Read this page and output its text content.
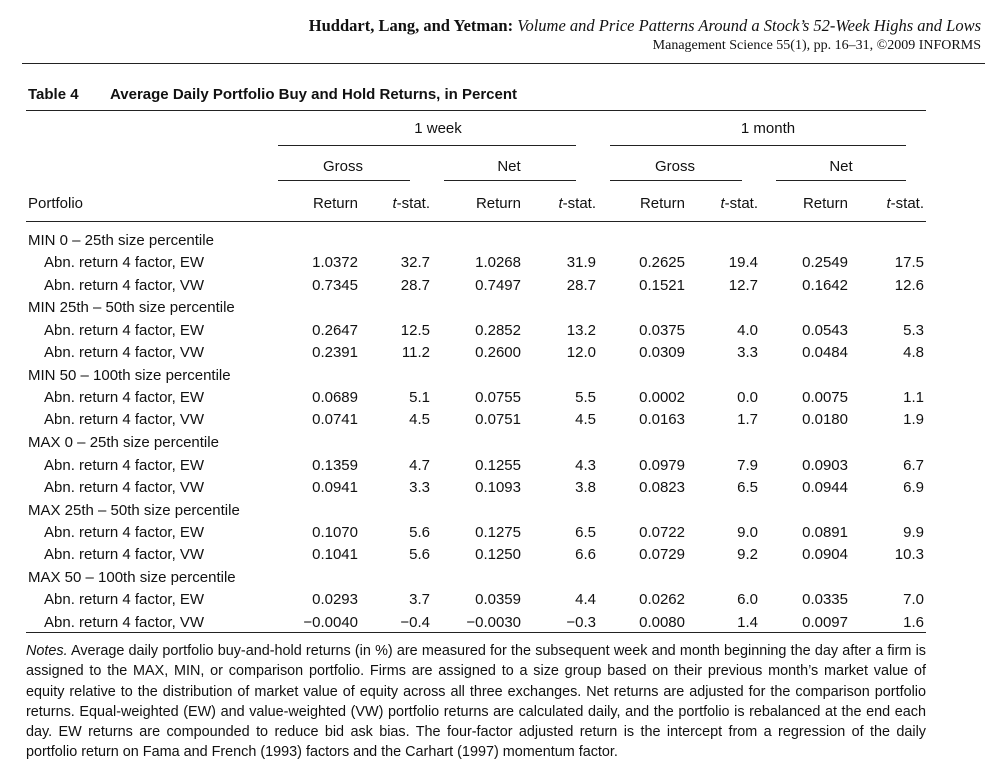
Huddart, Lang, and Yetman: Volume and Price Patterns Around a Stock’s 52-Week Highs and Lows
Management Science 55(1), pp. 16–31, ©2009 INFORMS
Table 4 Average Daily Portfolio Buy and Hold Returns, in Percent
1 week	1 month
Gross	Net	Gross	Net
Portfolio	Return	t-stat.	Return	t-stat.	Return	t-stat.	Return	t-stat.
MIN 0 – 25th size percentile
Abn. return 4 factor, EW	1.0372	32.7	1.0268	31.9	0.2625	19.4	0.2549	17.5
Abn. return 4 factor, VW	0.7345	28.7	0.7497	28.7	0.1521	12.7	0.1642	12.6
MIN 25th – 50th size percentile
Abn. return 4 factor, EW	0.2647	12.5	0.2852	13.2	0.0375	4.0	0.0543	5.3
Abn. return 4 factor, VW	0.2391	11.2	0.2600	12.0	0.0309	3.3	0.0484	4.8
MIN 50 – 100th size percentile
Abn. return 4 factor, EW	0.0689	5.1	0.0755	5.5	0.0002	0.0	0.0075	1.1
Abn. return 4 factor, VW	0.0741	4.5	0.0751	4.5	0.0163	1.7	0.0180	1.9
MAX 0 – 25th size percentile
Abn. return 4 factor, EW	0.1359	4.7	0.1255	4.3	0.0979	7.9	0.0903	6.7
Abn. return 4 factor, VW	0.0941	3.3	0.1093	3.8	0.0823	6.5	0.0944	6.9
MAX 25th – 50th size percentile
Abn. return 4 factor, EW	0.1070	5.6	0.1275	6.5	0.0722	9.0	0.0891	9.9
Abn. return 4 factor, VW	0.1041	5.6	0.1250	6.6	0.0729	9.2	0.0904	10.3
MAX 50 – 100th size percentile
Abn. return 4 factor, EW	0.0293	3.7	0.0359	4.4	0.0262	6.0	0.0335	7.0
Abn. return 4 factor, VW	−0.0040	−0.4	−0.0030	−0.3	0.0080	1.4	0.0097	1.6
Notes. Average daily portfolio buy-and-hold returns (in %) are measured for the subsequent week and month beginning the day after a firm is assigned to the MAX, MIN, or comparison portfolio. Firms are assigned to a size group based on their previous month’s market value of equity relative to the distribution of market value of equity across all three exchanges. Net returns are adjusted for the comparison portfolio returns. Equal-weighted (EW) and value-weighted (VW) portfolio returns are calculated daily, and the portfolio is rebalanced at the end each day. EW returns are compounded to reduce bid ask bias. The four-factor adjusted return is the intercept from a regression of the daily portfolio return on Fama and French (1993) factors and the Carhart (1997) momentum factor.
